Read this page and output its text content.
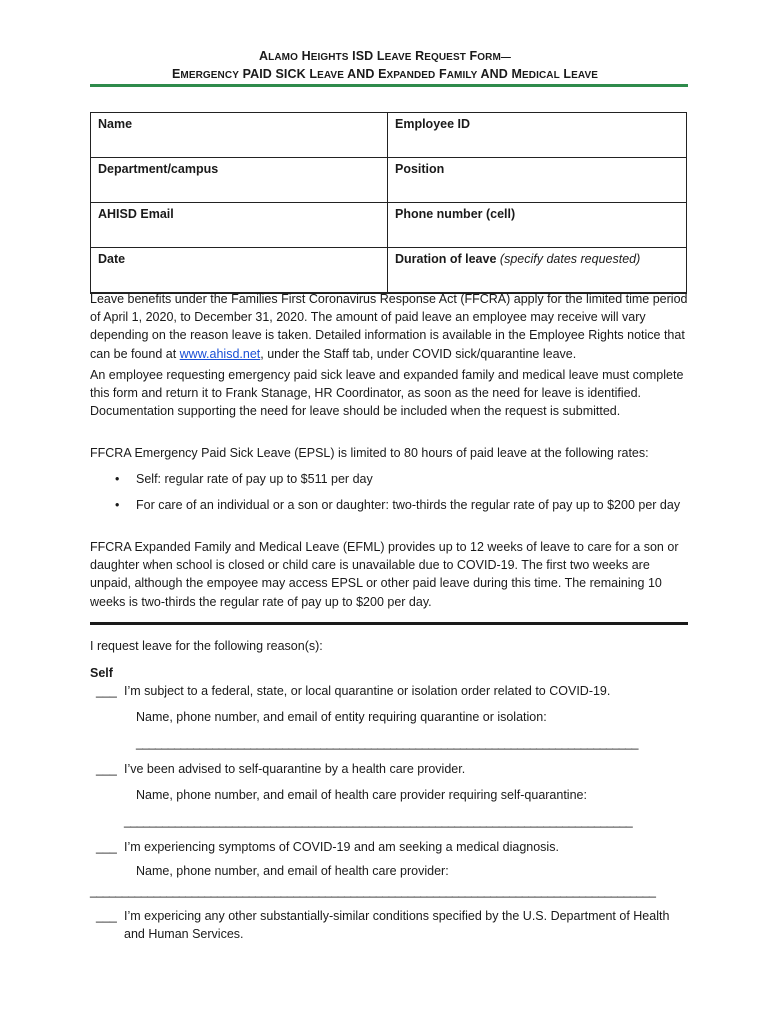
ALAMO HEIGHTS ISD LEAVE REQUEST FORM—
EMERGENCY PAID SICK LEAVE AND EXPANDED FAMILY AND MEDICAL LEAVE
Name	Employee ID
Department/campus	Position
AHISD Email	Phone number (cell)
Date	Duration of leave (specify dates requested)

Leave benefits under the Families First Coronavirus Response Act (FFCRA) apply for the limited time period of April 1, 2020, to December 31, 2020. The amount of paid leave an employee may receive will vary depending on the reason leave is taken. Detailed information is available in the Employee Rights notice that can be found at www.ahisd.net, under the Staff tab, under COVID sick/quarantine leave.

An employee requesting emergency paid sick leave and expanded family and medical leave must complete this form and return it to Frank Stanage, HR Coordinator, as soon as the need for leave is identified. Documentation supporting the need for leave should be included when the request is submitted.

FFCRA Emergency Paid Sick Leave (EPSL) is limited to 80 hours of paid leave at the following rates:

• Self: regular rate of pay up to $511 per day
• For care of an individual or a son or daughter: two-thirds the regular rate of pay up to $200 per day

FFCRA Expanded Family and Medical Leave (EFML) provides up to 12 weeks of leave to care for a son or daughter when school is closed or child care is unavailable due to COVID-19. The first two weeks are unpaid, although the empoyee may access EPSL or other paid leave during this time. The remaining 10 weeks is two-thirds the regular rate of pay up to $200 per day.

I request leave for the following reason(s):
Self
___ I’m subject to a federal, state, or local quarantine or isolation order related to COVID-19.
Name, phone number, and email of entity requiring quarantine or isolation:
_______________________________________________________________________________
___ I’ve been advised to self-quarantine by a health care provider.
Name, phone number, and email of health care provider requiring self-quarantine:
________________________________________________________________________________
___ I’m experiencing symptoms of COVID-19 and am seeking a medical diagnosis.
Name, phone number, and email of health care provider:
_________________________________________________________________________________________
___ I’m expericing any other substantially-similar conditions specified by the U.S. Department of Health and Human Services.
